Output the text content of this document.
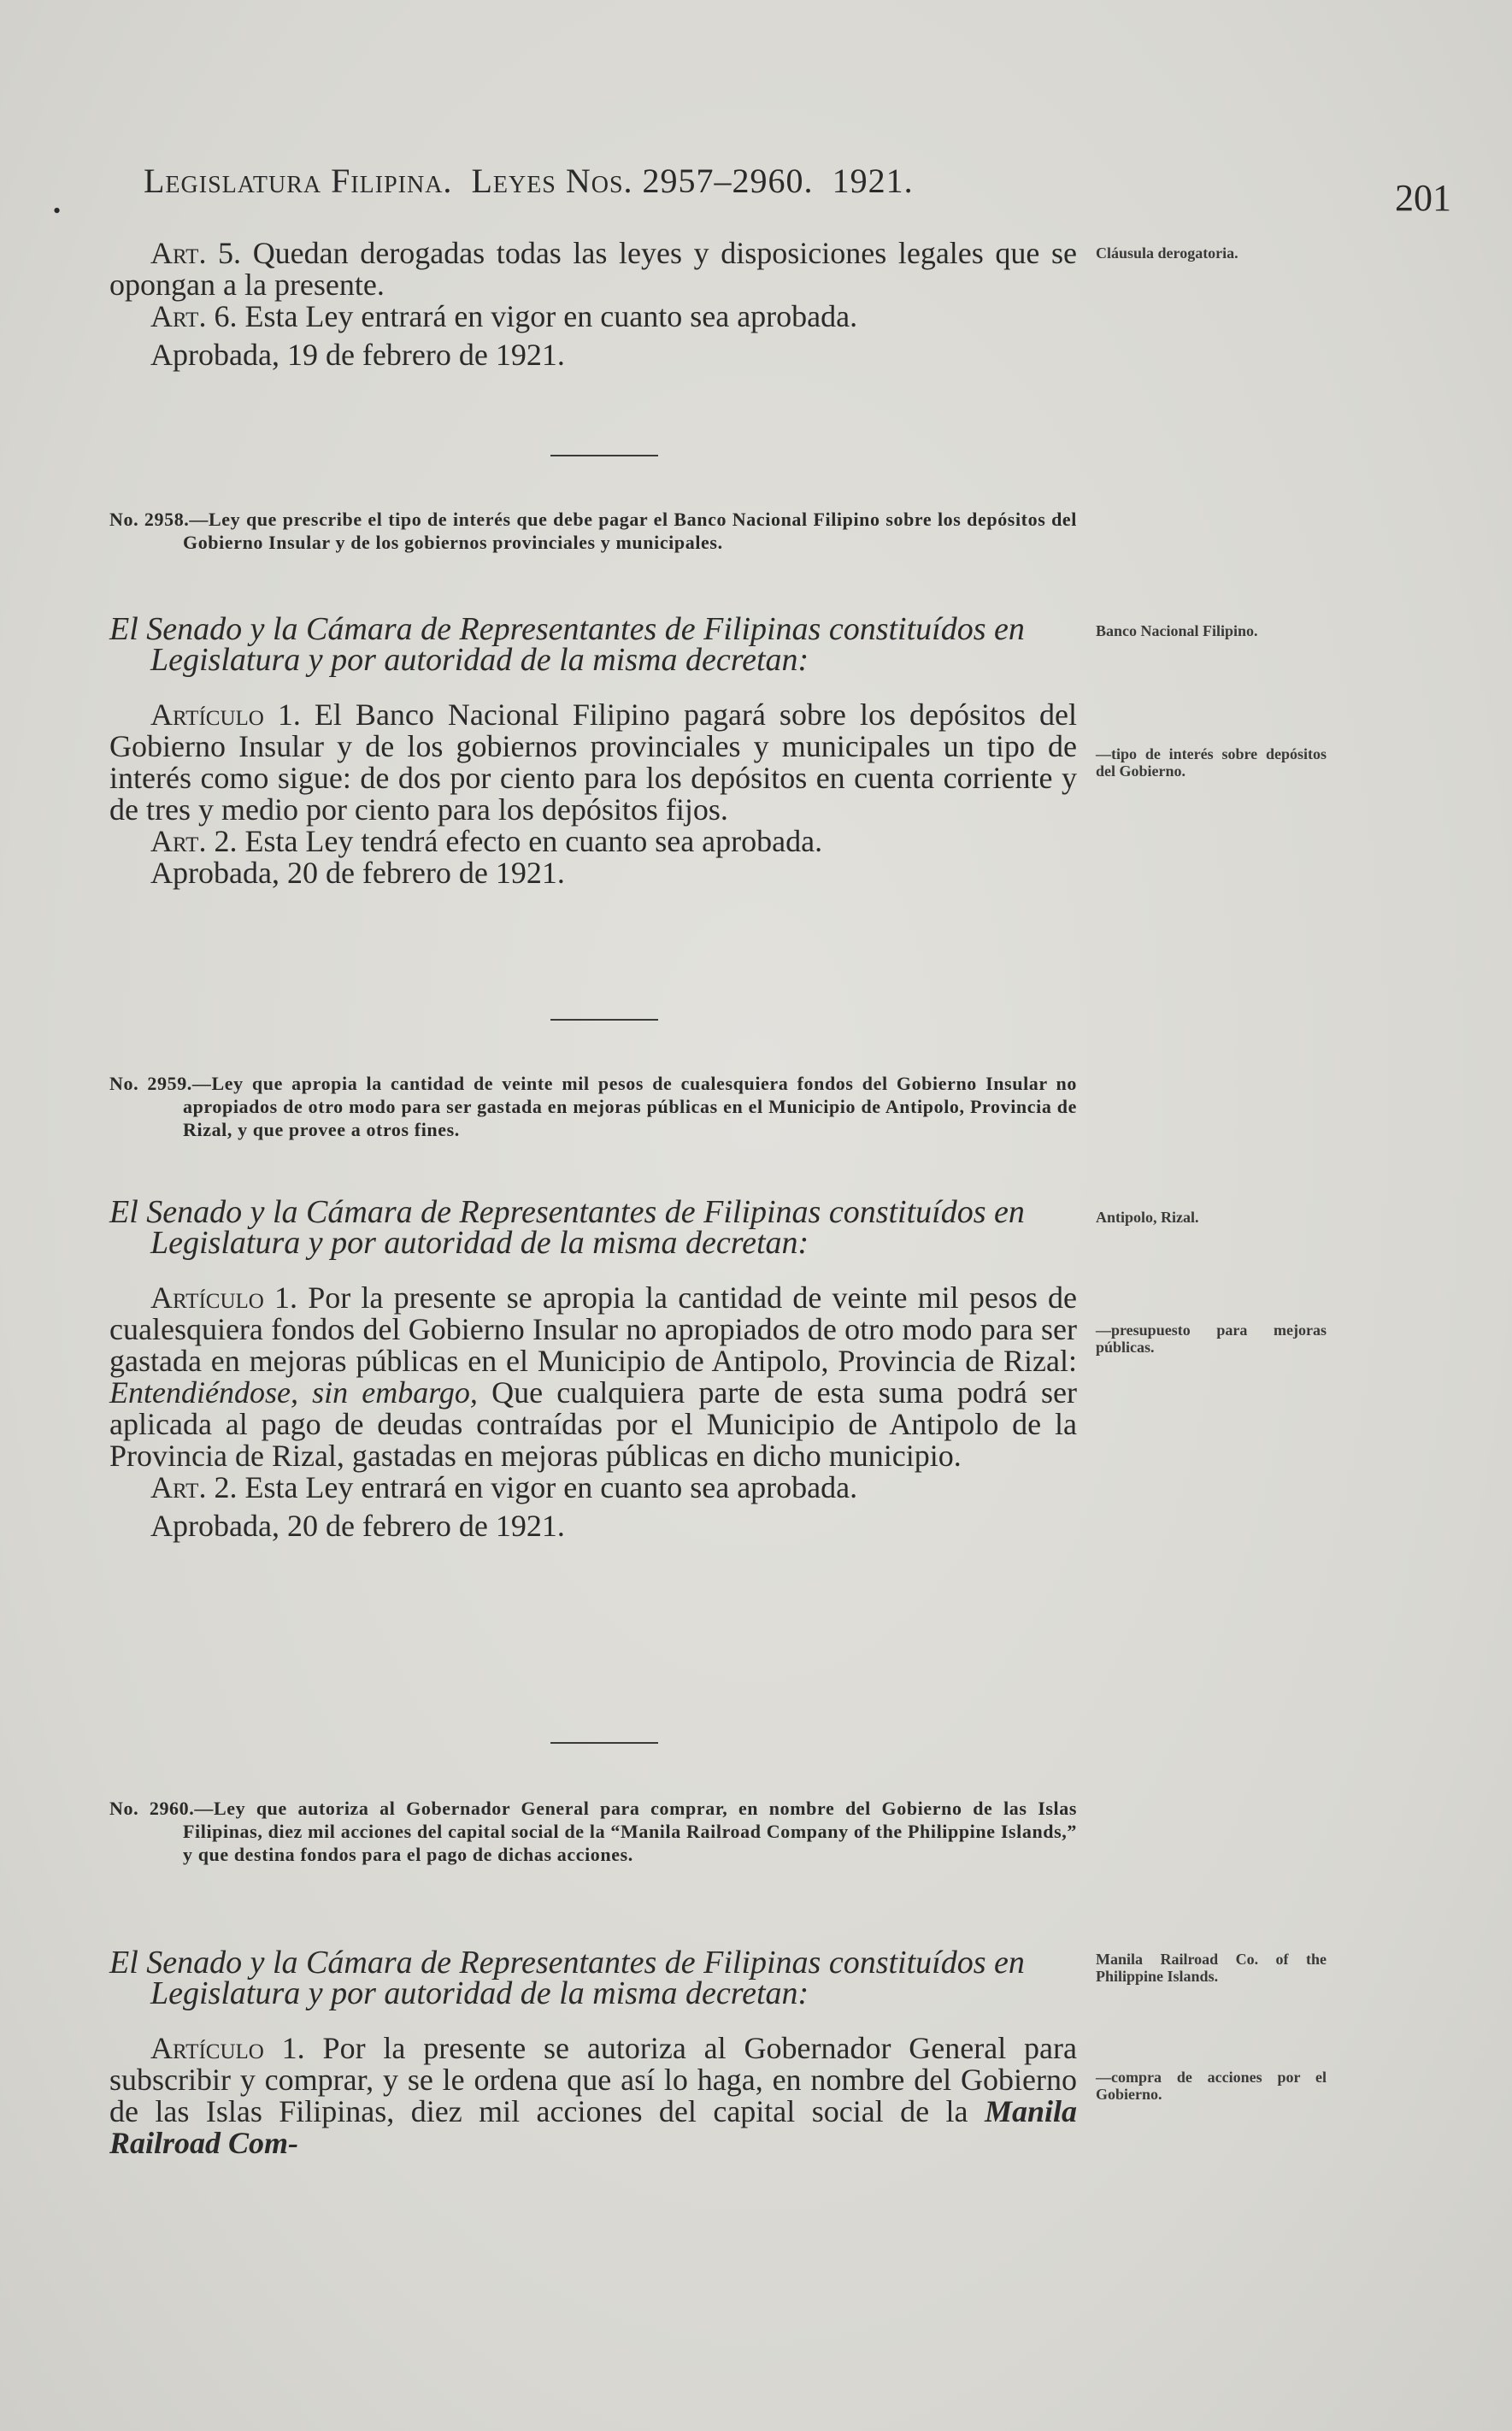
•
Legislatura Filipina. Leyes Nos. 2957–2960. 1921.	201

Art. 5. Quedan derogadas todas las leyes y disposiciones legales que se opongan a la presente.

Art. 6. Esta Ley entrará en vigor en cuanto sea aprobada.

Aprobada, 19 de febrero de 1921.

Cláusula derogatoria.

No. 2958.—Ley que prescribe el tipo de interés que debe pagar el Banco Nacional Filipino sobre los depósitos del Gobierno Insular y de los gobiernos provinciales y municipales.

El Senado y la Cámara de Representantes de Filipinas constituídos en Legislatura y por autoridad de la misma decretan:

Artículo 1. El Banco Nacional Filipino pagará sobre los depósitos del Gobierno Insular y de los gobiernos provinciales y municipales un tipo de interés como sigue: de dos por ciento para los depósitos en cuenta corriente y de tres y medio por ciento para los depósitos fijos.

Art. 2. Esta Ley tendrá efecto en cuanto sea aprobada.

Aprobada, 20 de febrero de 1921.

Banco Nacional Filipino.
—tipo de interés sobre depósitos del Gobierno.

No. 2959.—Ley que apropia la cantidad de veinte mil pesos de cualesquiera fondos del Gobierno Insular no apropiados de otro modo para ser gastada en mejoras públicas en el Municipio de Antipolo, Provincia de Rizal, y que provee a otros fines.

El Senado y la Cámara de Representantes de Filipinas constituídos en Legislatura y por autoridad de la misma decretan:

Artículo 1. Por la presente se apropia la cantidad de veinte mil pesos de cualesquiera fondos del Gobierno Insular no apropiados de otro modo para ser gastada en mejoras públicas en el Municipio de Antipolo, Provincia de Rizal: Entendiéndose, sin embargo, Que cualquiera parte de esta suma podrá ser aplicada al pago de deudas contraídas por el Municipio de Antipolo de la Provincia de Rizal, gastadas en mejoras públicas en dicho municipio.

Art. 2. Esta Ley entrará en vigor en cuanto sea aprobada.

Aprobada, 20 de febrero de 1921.

Antipolo, Rizal.
—presupuesto para mejoras públicas.

No. 2960.—Ley que autoriza al Gobernador General para comprar, en nombre del Gobierno de las Islas Filipinas, diez mil acciones del capital social de la “Manila Railroad Company of the Philippine Islands,” y que destina fondos para el pago de dichas acciones.

El Senado y la Cámara de Representantes de Filipinas constituídos en Legislatura y por autoridad de la misma decretan:

Artículo 1. Por la presente se autoriza al Gobernador General para subscribir y comprar, y se le ordena que así lo haga, en nombre del Gobierno de las Islas Filipinas, diez mil acciones del capital social de la Manila Railroad Com-

Manila Railroad Co. of the Philippine Islands.
—compra de acciones por el Gobierno.
